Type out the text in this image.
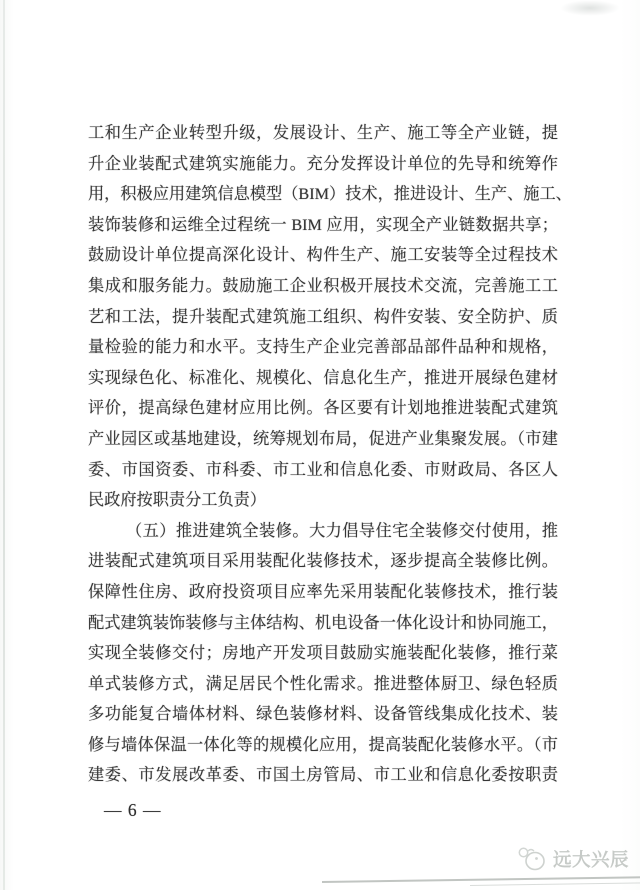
工和生产企业转型升级，发展设计、生产、施工等全产业链，提

升企业装配式建筑实施能力。充分发挥设计单位的先导和统筹作

用，积极应用建筑信息模型（BIM）技术，推进设计、生产、施工、

装饰装修和运维全过程统一 BIM 应用，实现全产业链数据共享；

鼓励设计单位提高深化设计、构件生产、施工安装等全过程技术

集成和服务能力。鼓励施工企业积极开展技术交流，完善施工工

艺和工法，提升装配式建筑施工组织、构件安装、安全防护、质

量检验的能力和水平。支持生产企业完善部品部件品种和规格，

实现绿色化、标准化、规模化、信息化生产，推进开展绿色建材

评价，提高绿色建材应用比例。各区要有计划地推进装配式建筑

产业园区或基地建设，统筹规划布局，促进产业集聚发展。（市建

委、市国资委、市科委、市工业和信息化委、市财政局、各区人

民政府按职责分工负责）

（五）推进建筑全装修。大力倡导住宅全装修交付使用，推

进装配式建筑项目采用装配化装修技术，逐步提高全装修比例。

保障性住房、政府投资项目应率先采用装配化装修技术，推行装

配式建筑装饰装修与主体结构、机电设备一体化设计和协同施工，

实现全装修交付；房地产开发项目鼓励实施装配化装修，推行菜

单式装修方式，满足居民个性化需求。推进整体厨卫、绿色轻质

多功能复合墙体材料、绿色装修材料、设备管线集成化技术、装

修与墙体保温一体化等的规模化应用，提高装配化装修水平。（市

建委、市发展改革委、市国土房管局、市工业和信息化委按职责

— 6 —
远大兴辰
